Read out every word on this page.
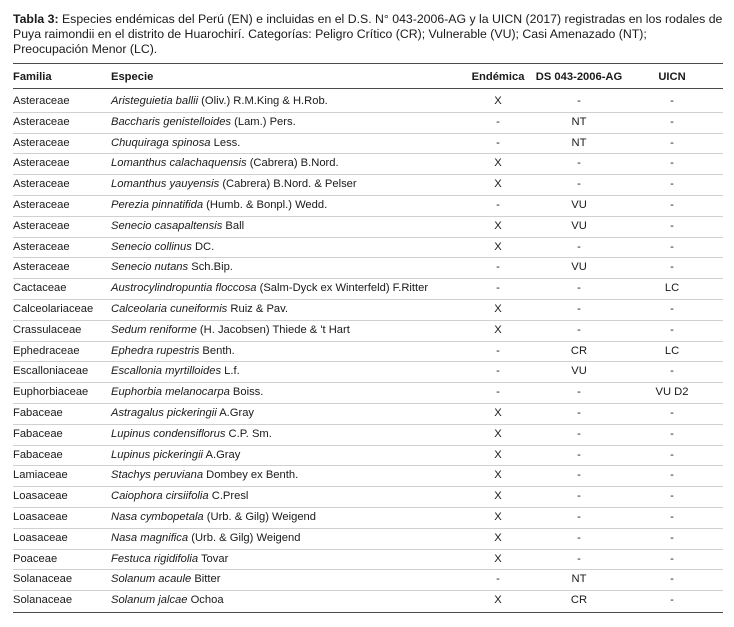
Tabla 3: Especies endémicas del Perú (EN) e incluidas en el D.S. N° 043-2006-AG y la UICN (2017) registradas en los rodales de Puya raimondii en el distrito de Huarochirí. Categorías: Peligro Crítico (CR); Vulnerable (VU); Casi Amenazado (NT); Preocupación Menor (LC).
Familia	Especie	Endémica DS 043-2006-AG	UICN
Asteraceae	Aristeguietia ballii (Oliv.) R.M.King & H.Rob.	X	-	-
Asteraceae	Baccharis genistelloides (Lam.) Pers.	-	NT	-
Asteraceae	Chuquiraga spinosa Less.	-	NT	-
Asteraceae	Lomanthus calachaquensis (Cabrera) B.Nord.	X	-	-
Asteraceae	Lomanthus yauyensis (Cabrera) B.Nord. & Pelser	X	-	-
Asteraceae	Perezia pinnatifida (Humb. & Bonpl.) Wedd.	-	VU	-
Asteraceae	Senecio casapaltensis Ball	X	VU	-
Asteraceae	Senecio collinus DC.	X	-	-
Asteraceae	Senecio nutans Sch.Bip.	-	VU	-
Cactaceae	Austrocylindropuntia floccosa (Salm-Dyck ex Winterfeld) F.Ritter	-	-	LC
Calceolariaceae Calceolaria cuneiformis Ruiz & Pav.	X	-	-
Crassulaceae	Sedum reniforme (H. Jacobsen) Thiede & 't Hart	X	-	-
Ephedraceae	Ephedra rupestris Benth.	-	CR	LC
Escalloniaceae Escallonia myrtilloides L.f.	-	VU	-
Euphorbiaceae Euphorbia melanocarpa Boiss.	-	-	VU D2
Fabaceae	Astragalus pickeringii A.Gray	X	-	-
Fabaceae	Lupinus condensiflorus C.P. Sm.	X	-	-
Fabaceae	Lupinus pickeringii A.Gray	X	-	-
Lamiaceae	Stachys peruviana Dombey ex Benth.	X	-	-
Loasaceae	Caiophora cirsiifolia C.Presl	X	-	-
Loasaceae	Nasa cymbopetala (Urb. & Gilg) Weigend	X	-	-
Loasaceae	Nasa magnifica (Urb. & Gilg) Weigend	X	-	-
Poaceae	Festuca rigidifolia Tovar	X	-	-
Solanaceae	Solanum acaule Bitter	-	NT	-
Solanaceae	Solanum jalcae Ochoa	X	CR	-
